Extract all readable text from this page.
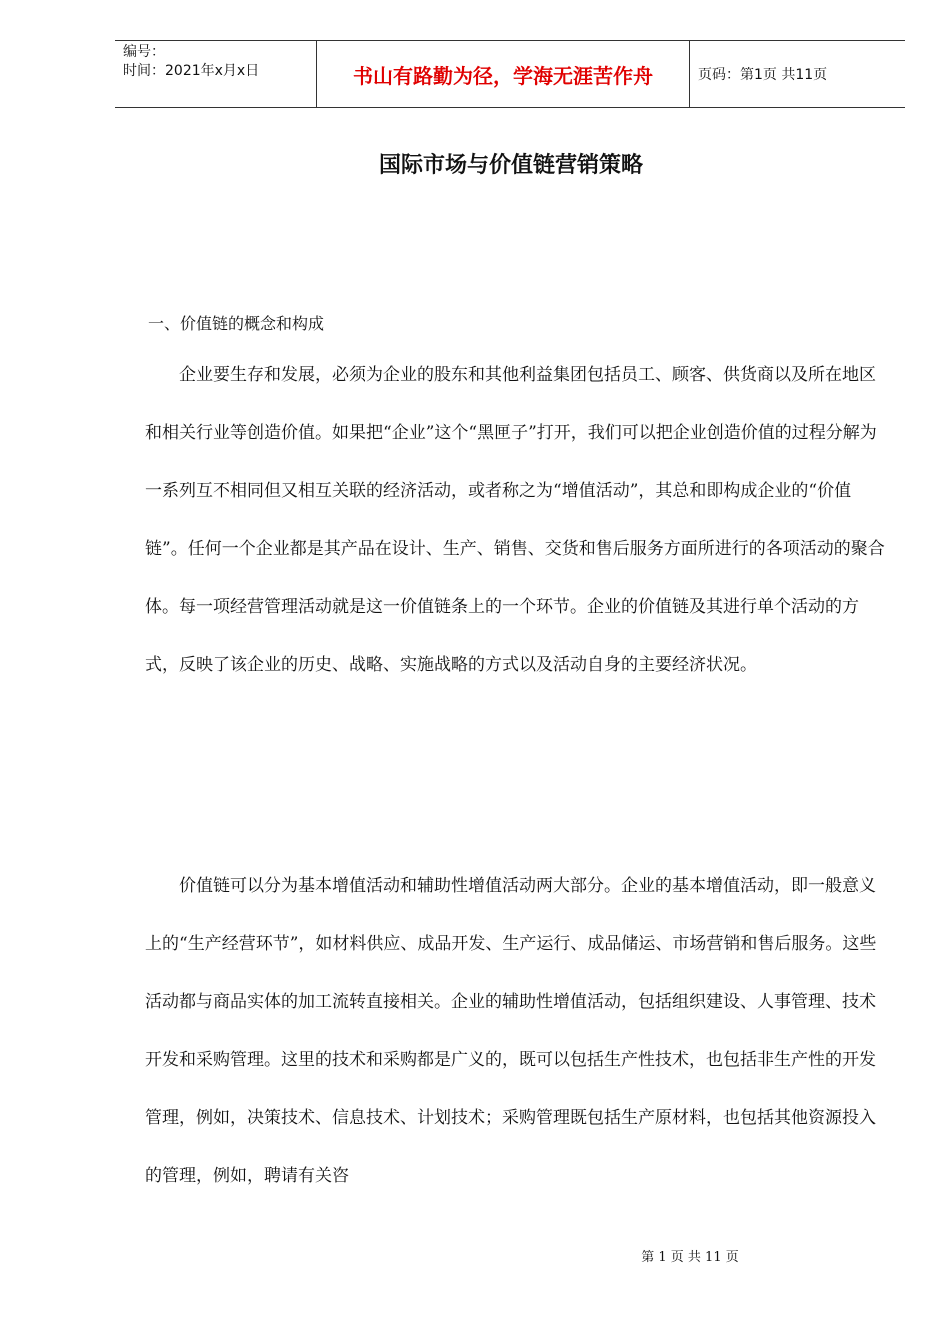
编号：
时间：2021年x月x日	书山有路勤为径，学海无涯苦作舟	页码：第1页 共11页
国际市场与价值链营销策略
一、价值链的概念和构成

企业要生存和发展，必须为企业的股东和其他利益集团包括员工、顾客、供货商以及所在地区和相关行业等创造价值。如果把“企业”这个“黑匣子”打开，我们可以把企业创造价值的过程分解为一系列互不相同但又相互关联的经济活动，或者称之为“增值活动”，其总和即构成企业的“价值链”。任何一个企业都是其产品在设计、生产、销售、交货和售后服务方面所进行的各项活动的聚合体。每一项经营管理活动就是这一价值链条上的一个环节。企业的价值链及其进行单个活动的方式，反映了该企业的历史、战略、实施战略的方式以及活动自身的主要经济状况。

价值链可以分为基本增值活动和辅助性增值活动两大部分。企业的基本增值活动，即一般意义上的“生产经营环节”，如材料供应、成品开发、生产运行、成品储运、市场营销和售后服务。这些活动都与商品实体的加工流转直接相关。企业的辅助性增值活动，包括组织建设、人事管理、技术开发和采购管理。这里的技术和采购都是广义的，既可以包括生产性技术，也包括非生产性的开发管理，例如，决策技术、信息技术、计划技术；采购管理既包括生产原材料，也包括其他资源投入的管理，例如，聘请有关咨

第 1 页 共 11 页
